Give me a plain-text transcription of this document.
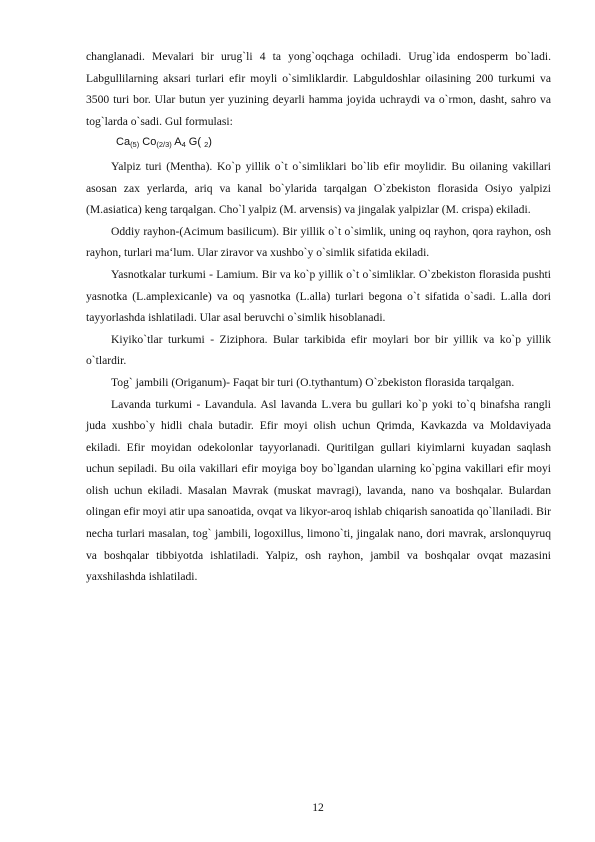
changlanadi. Mevalari bir urug`li 4 ta yong`oqchaga ochiladi. Urug`ida endosperm bo`ladi. Labgullilarning aksari turlari efir moyli o`simliklardir. Labguldoshlar oilasining 200 turkumi va 3500 turi bor. Ular butun yer yuzining deyarli hamma joyida uchraydi va o`rmon, dasht, sahro va tog`larda o`sadi. Gul formulasi:

$Ca_{(5)}$ $Co_{(2/3)}$ $A_4$ G( $_2$)

Yalpiz turi (Mentha). Ko`p yillik o`t o`simliklari bo`lib efir moylidir. Bu oilaning vakillari asosan zax yerlarda, ariq va kanal bo`ylarida tarqalgan O`zbekiston florasida Osiyo yalpizi (M.asiatica) keng tarqalgan. Cho`l yalpiz (M. arvensis) va jingalak yalpizlar (M. crispa) ekiladi.

Oddiy rayhon-(Acimum basilicum). Bir yillik o`t o`simlik, uning oq rayhon, qora rayhon, osh rayhon, turlari ma‘lum. Ular ziravor va xushbo`y o`simlik sifatida ekiladi.

Yasnotkalar turkumi - Lamium. Bir va ko`p yillik o`t o`simliklar. O`zbekiston florasida pushti yasnotka (L.amplexicanle) va oq yasnotka (L.alla) turlari begona o`t sifatida o`sadi. L.alla dori tayyorlashda ishlatiladi. Ular asal beruvchi o`simlik hisoblanadi.

Kiyiko`tlar turkumi - Ziziphora. Bular tarkibida efir moylari bor bir yillik va ko`p yillik o`tlardir.

Tog` jambili (Origanum)- Faqat bir turi (O.tythantum) O`zbekiston florasida tarqalgan.

Lavanda turkumi - Lavandula. Asl lavanda L.vera bu gullari ko`p yoki to`q binafsha rangli juda xushbo`y hidli chala butadir. Efir moyi olish uchun Qrimda, Kavkazda va Moldaviyada ekiladi. Efir moyidan odekolonlar tayyorlanadi. Quritilgan gullari kiyimlarni kuyadan saqlash uchun sepiladi. Bu oila vakillari efir moyiga boy bo`lgandan ularning ko`pgina vakillari efir moyi olish uchun ekiladi. Masalan Mavrak (muskat mavragi), lavanda, nano va boshqalar. Bulardan olingan efir moyi atir upa sanoatida, ovqat va likyor-aroq ishlab chiqarish sanoatida qo`llaniladi. Bir necha turlari masalan, tog` jambili, logoxillus, limono`ti, jingalak nano, dori mavrak, arslonquyruq va boshqalar tibbiyotda ishlatiladi. Yalpiz, osh rayhon, jambil va boshqalar ovqat mazasini yaxshilashda ishlatiladi.

12
